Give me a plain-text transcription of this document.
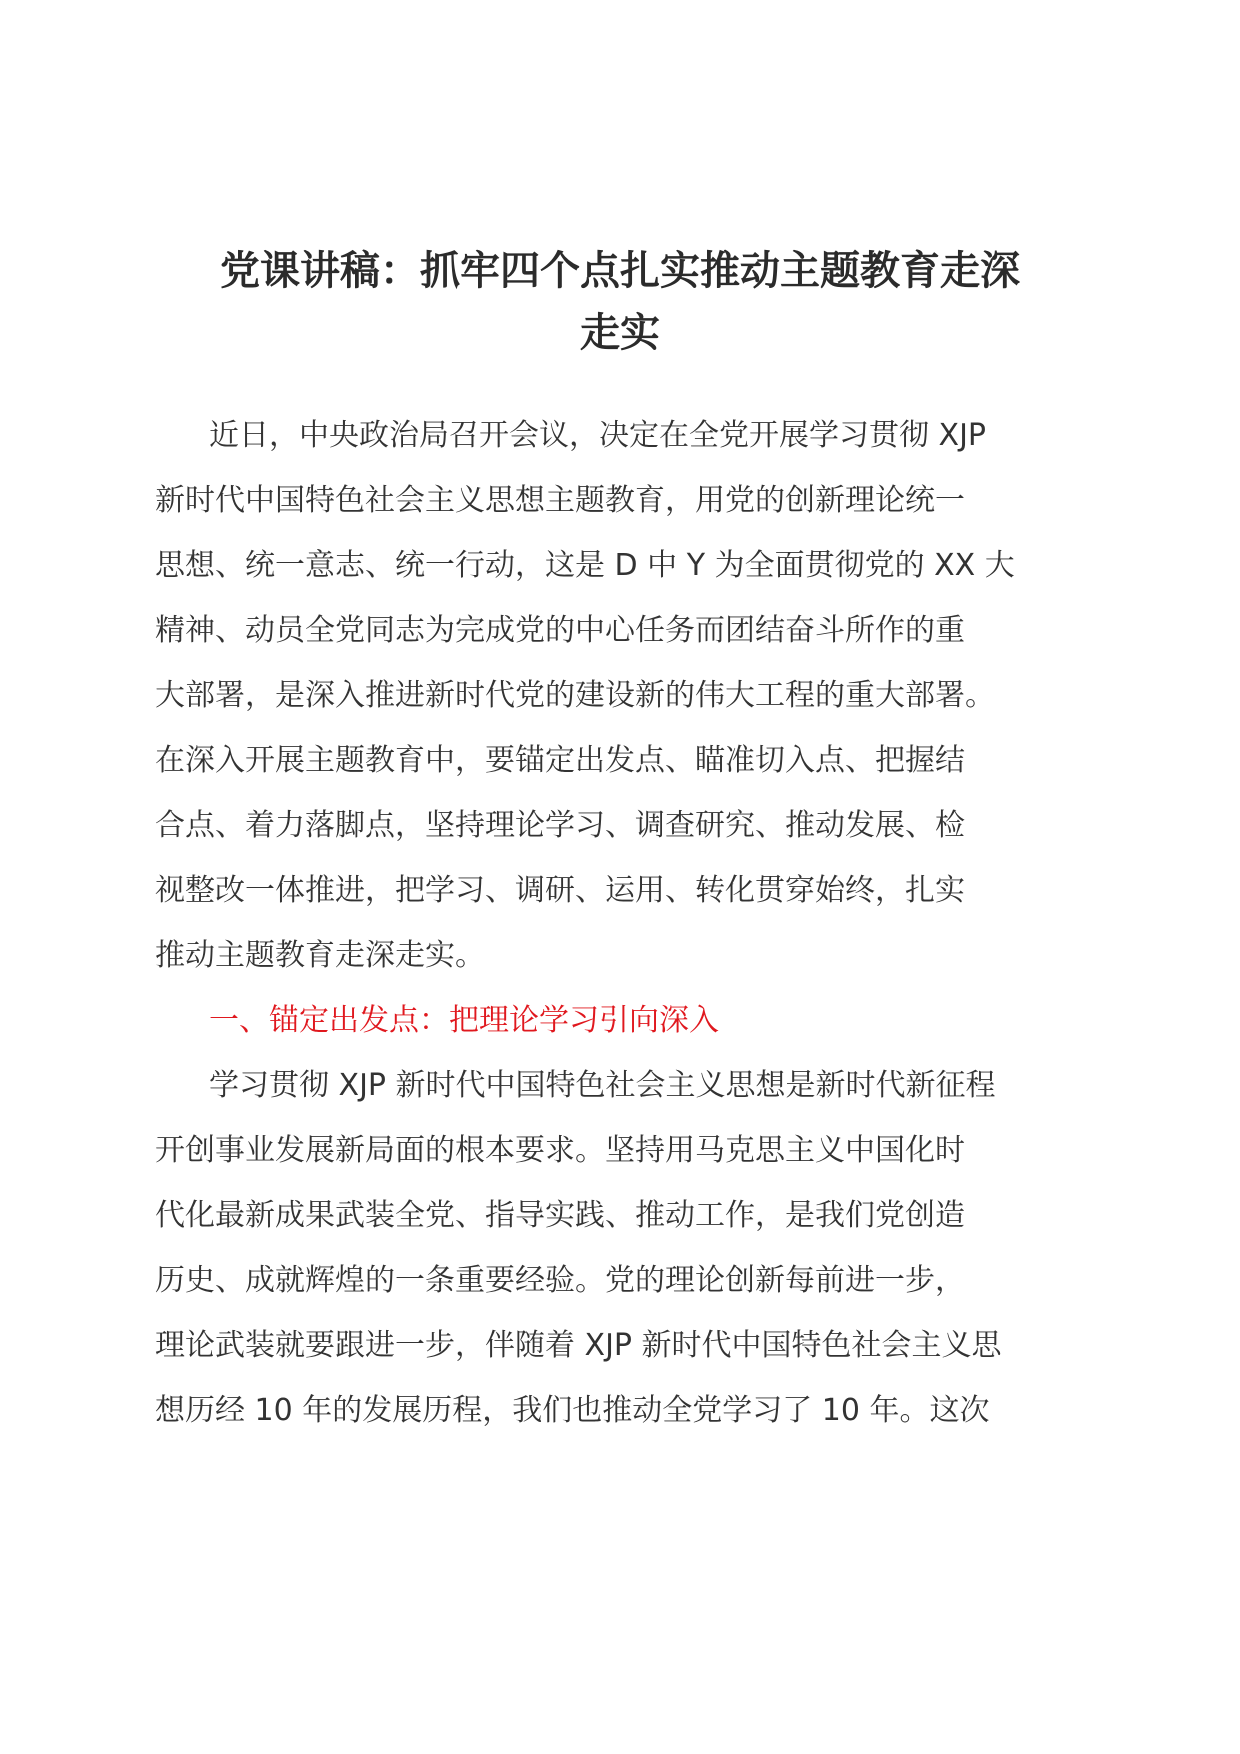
党课讲稿：抓牢四个点扎实推动主题教育走深
走实
近日，中央政治局召开会议，决定在全党开展学习贯彻 XJP
新时代中国特色社会主义思想主题教育，用党的创新理论统一
思想、统一意志、统一行动，这是 D 中 Y 为全面贯彻党的 XX 大
精神、动员全党同志为完成党的中心任务而团结奋斗所作的重
大部署，是深入推进新时代党的建设新的伟大工程的重大部署。
在深入开展主题教育中，要锚定出发点、瞄准切入点、把握结
合点、着力落脚点，坚持理论学习、调查研究、推动发展、检
视整改一体推进，把学习、调研、运用、转化贯穿始终，扎实
推动主题教育走深走实。
一、锚定出发点：把理论学习引向深入
学习贯彻 XJP 新时代中国特色社会主义思想是新时代新征程
开创事业发展新局面的根本要求。坚持用马克思主义中国化时
代化最新成果武装全党、指导实践、推动工作，是我们党创造
历史、成就辉煌的一条重要经验。党的理论创新每前进一步，
理论武装就要跟进一步，伴随着 XJP 新时代中国特色社会主义思
想历经 10 年的发展历程，我们也推动全党学习了 10 年。这次
